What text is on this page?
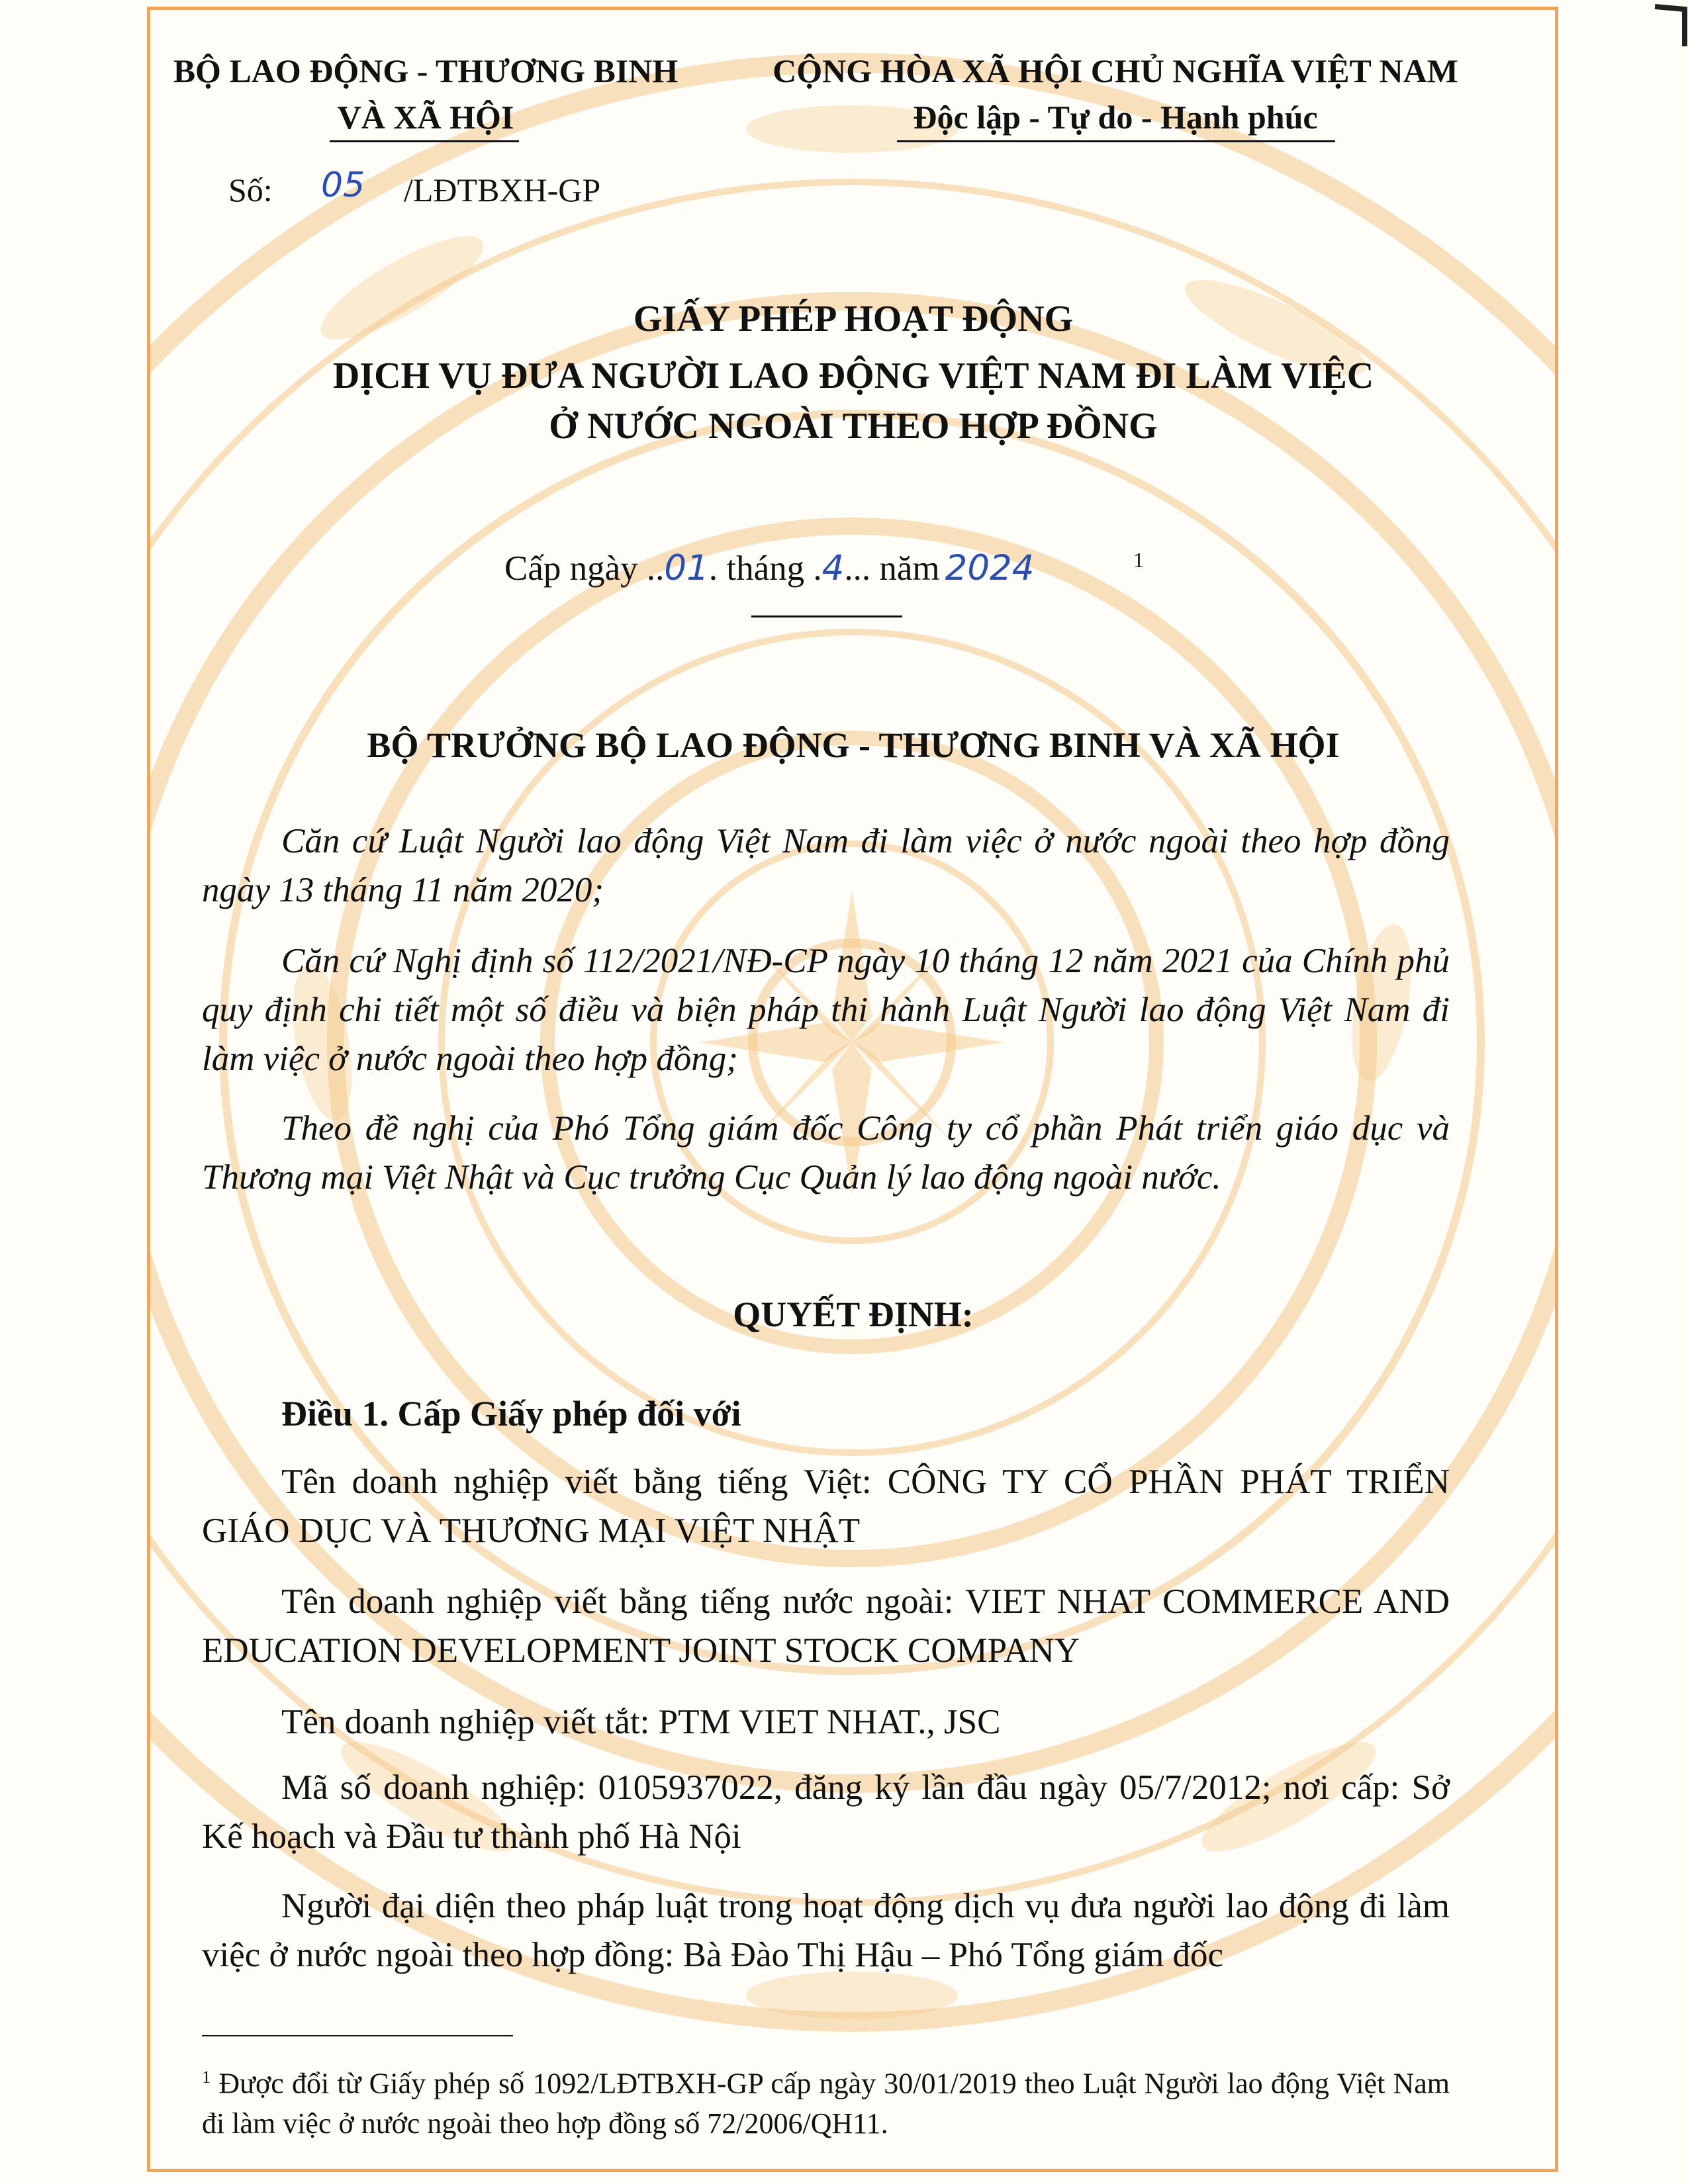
BỘ LAO ĐỘNG - THƯƠNG BINH
VÀ XÃ HỘI
Số: 05 /LĐTBXH-GP
CỘNG HÒA XÃ HỘI CHỦ NGHĨA VIỆT NAM
Độc lập - Tự do - Hạnh phúc
GIẤY PHÉP HOẠT ĐỘNG
DỊCH VỤ ĐƯA NGƯỜI LAO ĐỘNG VIỆT NAM ĐI LÀM VIỆC
Ở NƯỚC NGOÀI THEO HỢP ĐỒNG
Cấp ngày ..01. tháng .4... năm 2024	1
BỘ TRƯỞNG BỘ LAO ĐỘNG - THƯƠNG BINH VÀ XÃ HỘI
Căn cứ Luật Người lao động Việt Nam đi làm việc ở nước ngoài theo hợp đồng ngày 13 tháng 11 năm 2020;
Căn cứ Nghị định số 112/2021/NĐ-CP ngày 10 tháng 12 năm 2021 của Chính phủ quy định chi tiết một số điều và biện pháp thi hành Luật Người lao động Việt Nam đi làm việc ở nước ngoài theo hợp đồng;
Theo đề nghị của Phó Tổng giám đốc Công ty cổ phần Phát triển giáo dục và Thương mại Việt Nhật và Cục trưởng Cục Quản lý lao động ngoài nước.
QUYẾT ĐỊNH:
Điều 1. Cấp Giấy phép đối với
Tên doanh nghiệp viết bằng tiếng Việt: CÔNG TY CỔ PHẦN PHÁT TRIỂN GIÁO DỤC VÀ THƯƠNG MẠI VIỆT NHẬT
Tên doanh nghiệp viết bằng tiếng nước ngoài: VIET NHAT COMMERCE AND EDUCATION DEVELOPMENT JOINT STOCK COMPANY
Tên doanh nghiệp viết tắt: PTM VIET NHAT., JSC
Mã số doanh nghiệp: 0105937022, đăng ký lần đầu ngày 05/7/2012; nơi cấp: Sở Kế hoạch và Đầu tư thành phố Hà Nội
Người đại diện theo pháp luật trong hoạt động dịch vụ đưa người lao động đi làm việc ở nước ngoài theo hợp đồng: Bà Đào Thị Hậu – Phó Tổng giám đốc
$^1$ Được đổi từ Giấy phép số 1092/LĐTBXH-GP cấp ngày 30/01/2019 theo Luật Người lao động Việt Nam đi làm việc ở nước ngoài theo hợp đồng số 72/2006/QH11.
